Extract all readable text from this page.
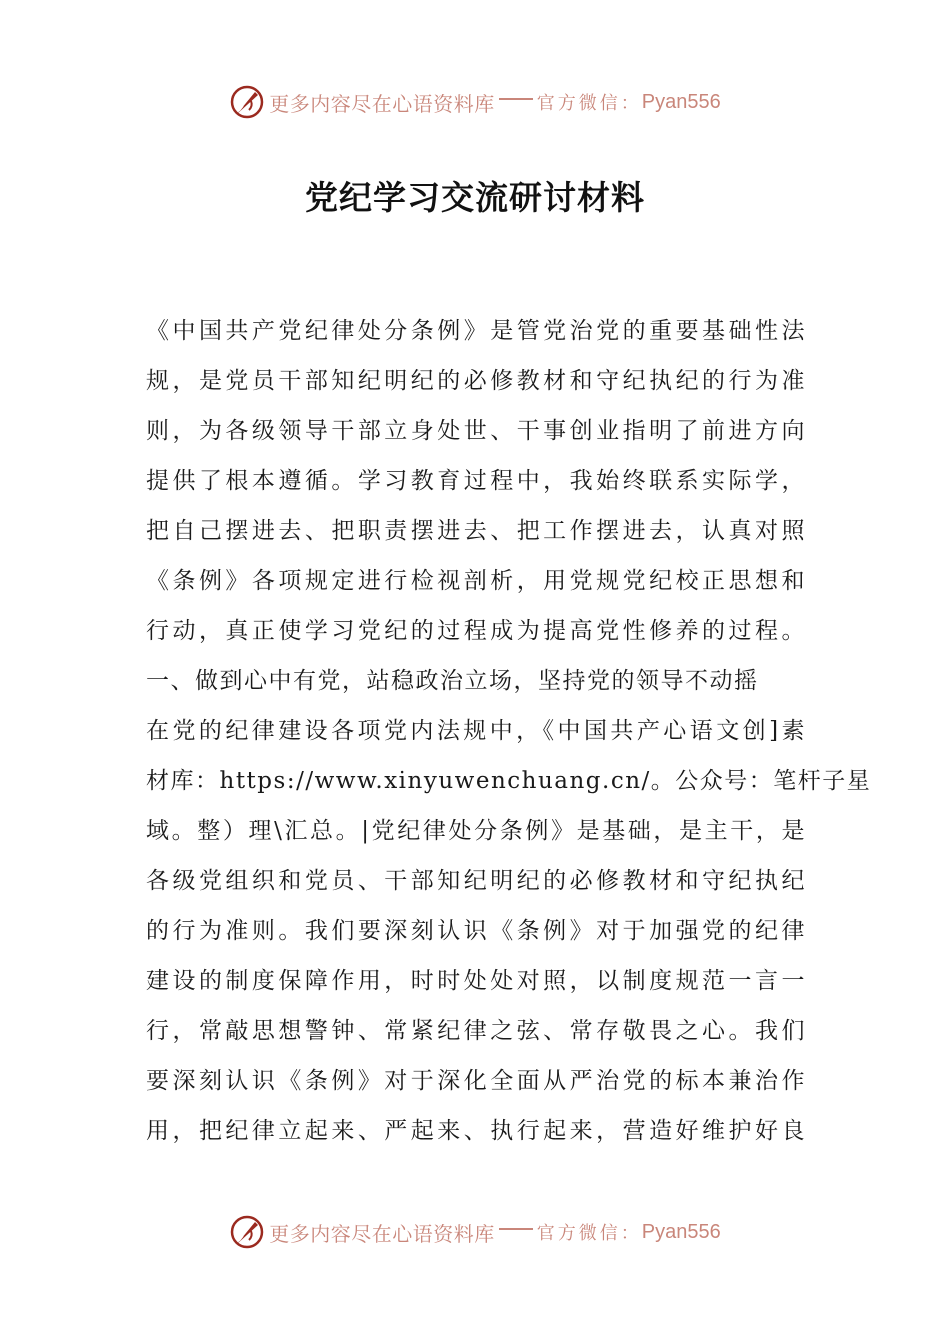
更多内容尽在心语资料库 官方微信： Pyan556
党纪学习交流研讨材料

《中国共产党纪律处分条例》是管党治党的重要基础性法
规，是党员干部知纪明纪的必修教材和守纪执纪的行为准
则，为各级领导干部立身处世、干事创业指明了前进方向
提供了根本遵循。学习教育过程中，我始终联系实际学，
把自己摆进去、把职责摆进去、把工作摆进去，认真对照
《条例》各项规定进行检视剖析，用党规党纪校正思想和
行动，真正使学习党纪的过程成为提高党性修养的过程。

一、做到心中有党，站稳政治立场，坚持党的领导不动摇

在党的纪律建设各项党内法规中，《中国共产心语文创]素
材库：https://www.xinyuwenchuang.cn/。公众号：笔杆子星
域。整）理\汇总。|党纪律处分条例》是基础，是主干，是
各级党组织和党员、干部知纪明纪的必修教材和守纪执纪
的行为准则。我们要深刻认识《条例》对于加强党的纪律
建设的制度保障作用，时时处处对照，以制度规范一言一
行，常敲思想警钟、常紧纪律之弦、常存敬畏之心。我们
要深刻认识《条例》对于深化全面从严治党的标本兼治作
用，把纪律立起来、严起来、执行起来，营造好维护好良

更多内容尽在心语资料库 官方微信： Pyan556
